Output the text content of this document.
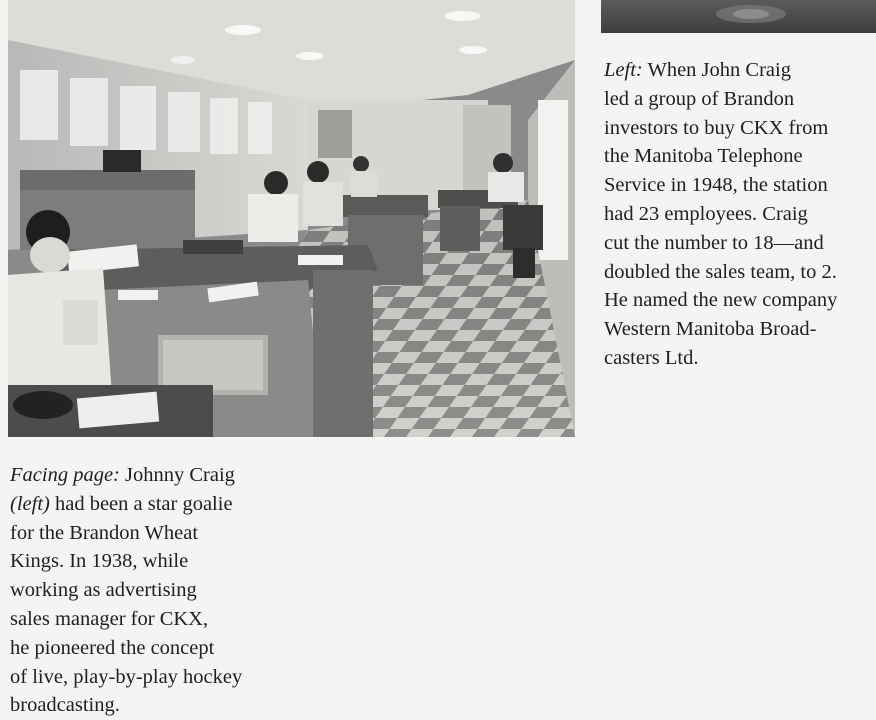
Left: When John Craig
led a group of Brandon
investors to buy CKX from
the Manitoba Telephone
Service in 1948, the station
had 23 employees. Craig
cut the number to 18—and
doubled the sales team, to 2.
He named the new company
Western Manitoba Broad-
casters Ltd.

Facing page: Johnny Craig
(left) had been a star goalie
for the Brandon Wheat
Kings. In 1938, while
working as advertising
sales manager for CKX,
he pioneered the concept
of live, play-by-play hockey
broadcasting.
